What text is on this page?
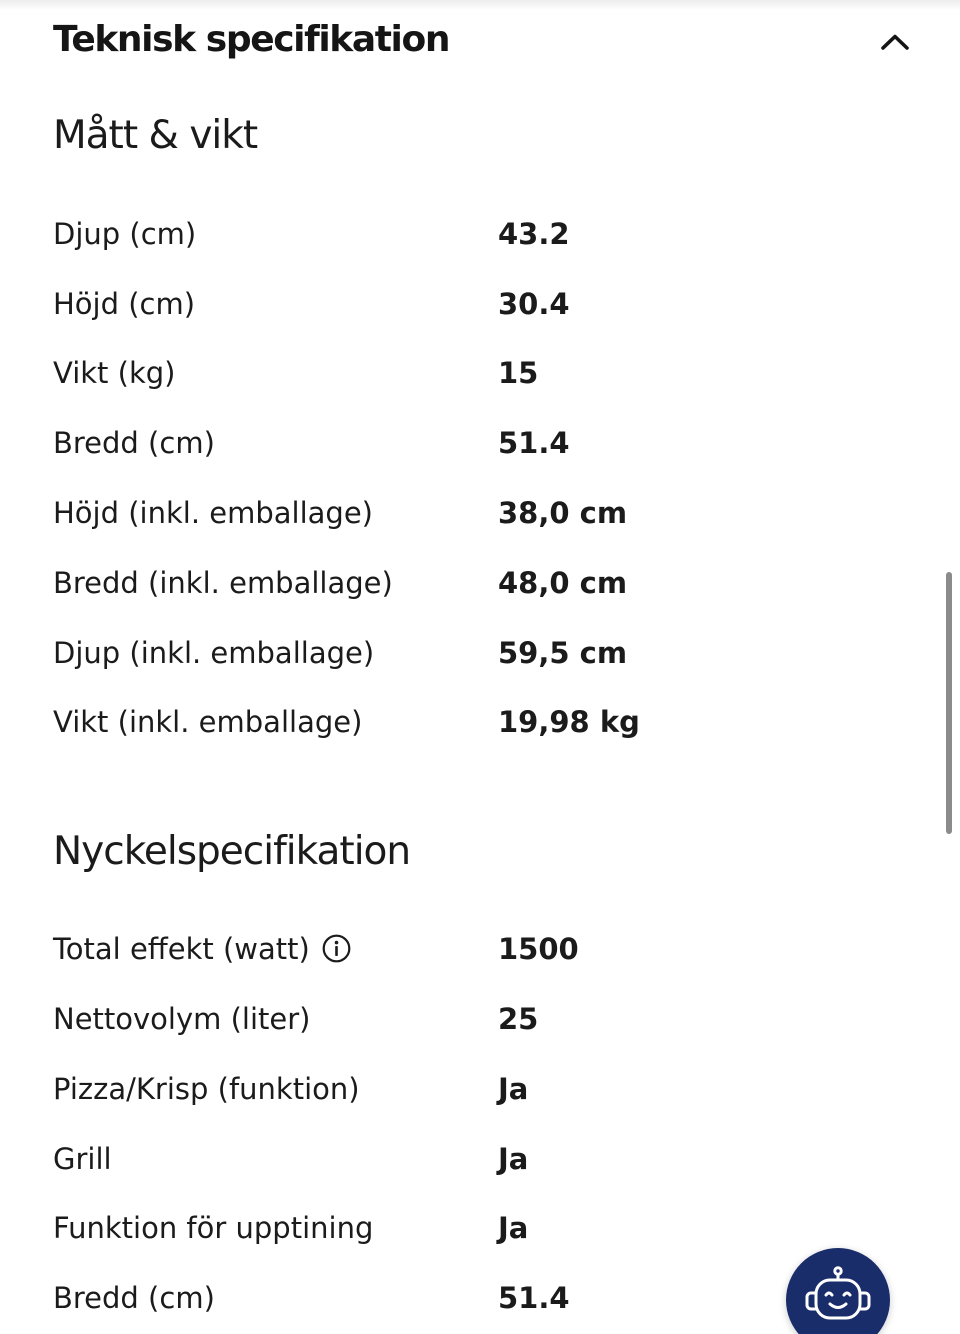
Teknisk specifikation
Mått & vikt
Djup (cm)	43.2
Höjd (cm)	30.4
Vikt (kg)	15
Bredd (cm)	51.4
Höjd (inkl. emballage)	38,0 cm
Bredd (inkl. emballage)	48,0 cm
Djup (inkl. emballage)	59,5 cm
Vikt (inkl. emballage)	19,98 kg
Nyckelspecifikation
Total effekt (watt)	1500
Nettovolym (liter)	25
Pizza/Krisp (funktion)	Ja
Grill	Ja
Funktion för upptining	Ja
Bredd (cm)	51.4
